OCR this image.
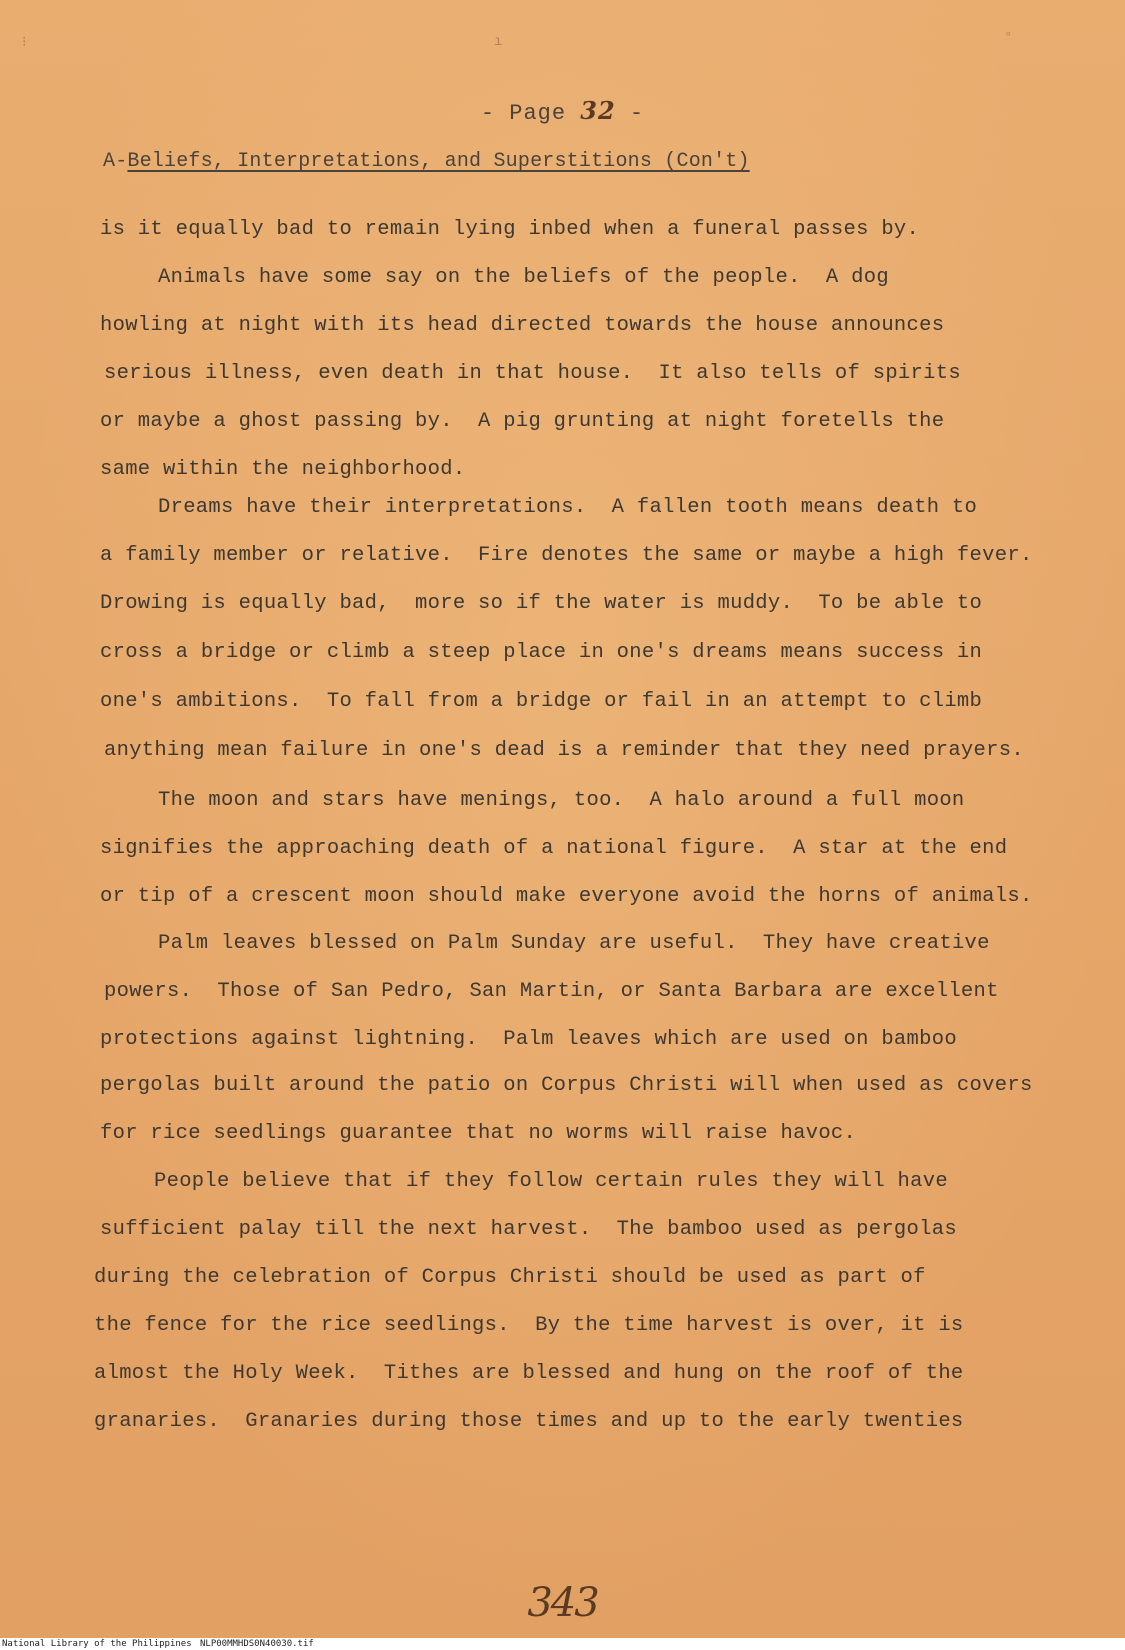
⁝	ı	°
- Page 32 -
A-Beliefs, Interpretations, and Superstitions (Con't)
is it equally bad to remain lying inbed when a funeral passes by.
Animals have some say on the beliefs of the people.  A dog
howling at night with its head directed towards the house announces
serious illness, even death in that house.  It also tells of spirits
or maybe a ghost passing by.  A pig grunting at night foretells the
same within the neighborhood.
Dreams have their interpretations.  A fallen tooth means death to
a family member or relative.  Fire denotes the same or maybe a high fever.
Drowing is equally bad,  more so if the water is muddy.  To be able to
cross a bridge or climb a steep place in one's dreams means success in
one's ambitions.  To fall from a bridge or fail in an attempt to climb
anything mean failure in one's dead is a reminder that they need prayers.
The moon and stars have menings, too.  A halo around a full moon
signifies the approaching death of a national figure.  A star at the end
or tip of a crescent moon should make everyone avoid the horns of animals.
Palm leaves blessed on Palm Sunday are useful.  They have creative
powers.  Those of San Pedro, San Martin, or Santa Barbara are excellent
protections against lightning.  Palm leaves which are used on bamboo
pergolas built around the patio on Corpus Christi will when used as covers
for rice seedlings guarantee that no worms will raise havoc.
People believe that if they follow certain rules they will have
sufficient palay till the next harvest.  The bamboo used as pergolas
during the celebration of Corpus Christi should be used as part of
the fence for the rice seedlings.  By the time harvest is over, it is
almost the Holy Week.  Tithes are blessed and hung on the roof of the
granaries.  Granaries during those times and up to the early twenties
343
National Library of the Philippines NLP00MMHDS0N40030.tif
